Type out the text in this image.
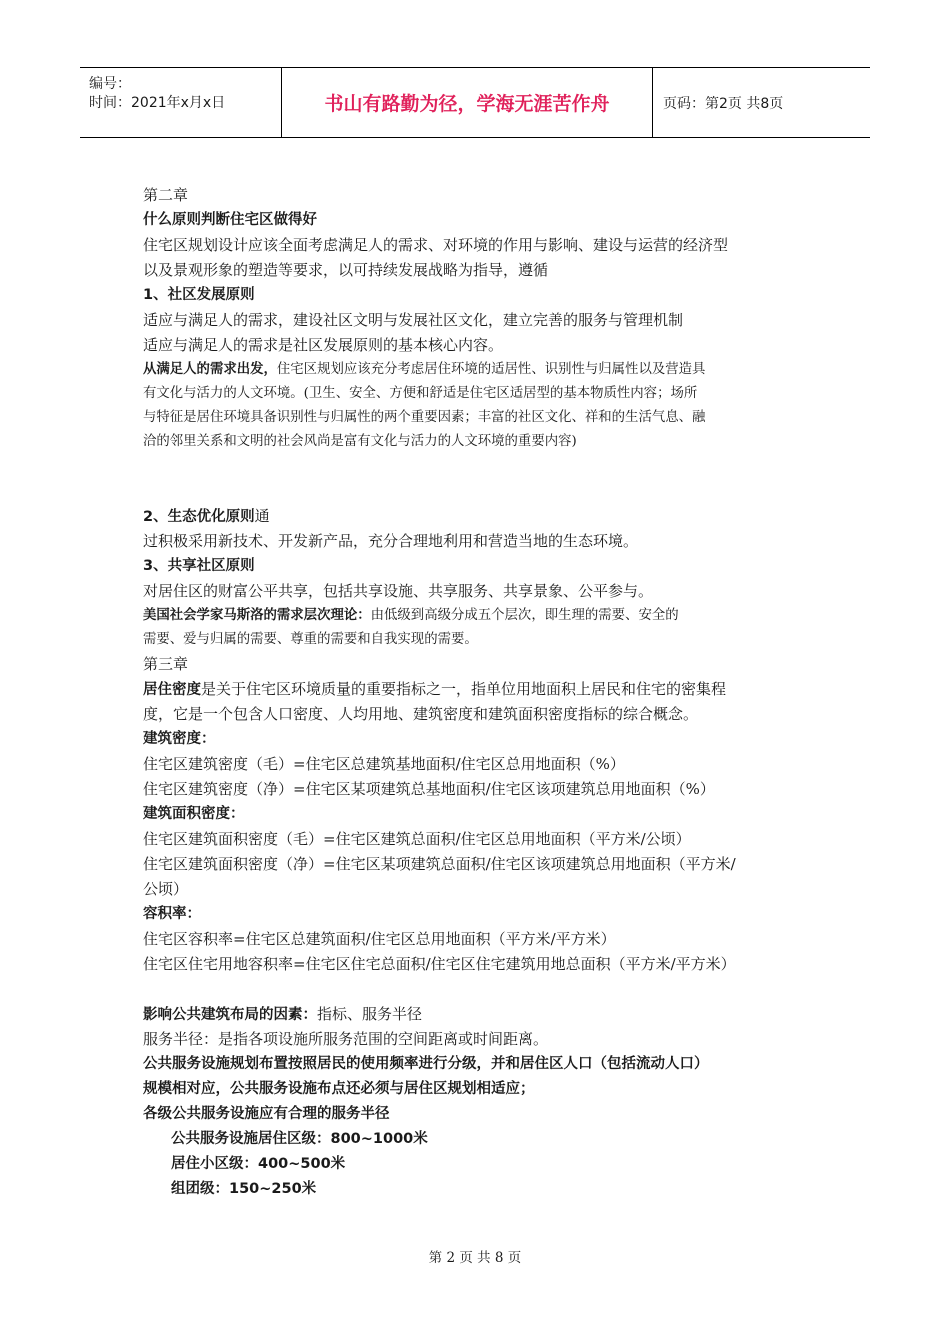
编号：
时间：2021年x月x日	书山有路勤为径，学海无涯苦作舟	页码：第2页 共8页
第二章
什么原则判断住宅区做得好
住宅区规划设计应该全面考虑满足人的需求、对环境的作用与影响、建设与运营的经济型
以及景观形象的塑造等要求，以可持续发展战略为指导，遵循
1、社区发展原则
适应与满足人的需求，建设社区文明与发展社区文化，建立完善的服务与管理机制
适应与满足人的需求是社区发展原则的基本核心内容。
从满足人的需求出发，住宅区规划应该充分考虑居住环境的适居性、识别性与归属性以及营造具
有文化与活力的人文环境。(卫生、安全、方便和舒适是住宅区适居型的基本物质性内容；场所
与特征是居住环境具备识别性与归属性的两个重要因素；丰富的社区文化、祥和的生活气息、融
洽的邻里关系和文明的社会风尚是富有文化与活力的人文环境的重要内容)
2、生态优化原则通
过积极采用新技术、开发新产品，充分合理地利用和营造当地的生态环境。
3、共享社区原则
对居住区的财富公平共享，包括共享设施、共享服务、共享景象、公平参与。
美国社会学家马斯洛的需求层次理论：由低级到高级分成五个层次，即生理的需要、安全的
需要、爱与归属的需要、尊重的需要和自我实现的需要。
第三章
居住密度是关于住宅区环境质量的重要指标之一，指单位用地面积上居民和住宅的密集程
度，它是一个包含人口密度、人均用地、建筑密度和建筑面积密度指标的综合概念。
建筑密度：
住宅区建筑密度（毛）=住宅区总建筑基地面积/住宅区总用地面积（%）
住宅区建筑密度（净）=住宅区某项建筑总基地面积/住宅区该项建筑总用地面积（%）
建筑面积密度：
住宅区建筑面积密度（毛）=住宅区建筑总面积/住宅区总用地面积（平方米/公顷）
住宅区建筑面积密度（净）=住宅区某项建筑总面积/住宅区该项建筑总用地面积（平方米/
公顷）
容积率：
住宅区容积率=住宅区总建筑面积/住宅区总用地面积（平方米/平方米）
住宅区住宅用地容积率=住宅区住宅总面积/住宅区住宅建筑用地总面积（平方米/平方米）
影响公共建筑布局的因素：指标、服务半径
服务半径：是指各项设施所服务范围的空间距离或时间距离。
公共服务设施规划布置按照居民的使用频率进行分级，并和居住区人口（包括流动人口）
规模相对应，公共服务设施布点还必须与居住区规划相适应；
各级公共服务设施应有合理的服务半径
公共服务设施居住区级：800~1000米
居住小区级：400~500米
组团级：150~250米
第 2 页 共 8 页
